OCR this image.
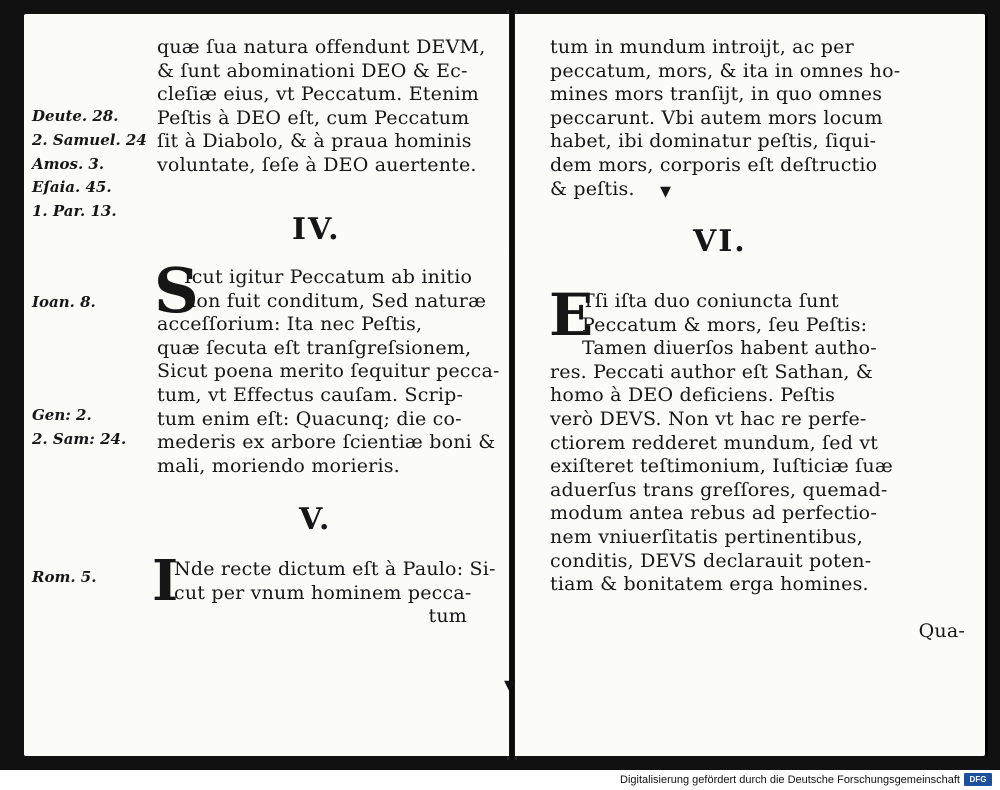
quæ ſua natura offendunt DEVM,

& ſunt abominationi DEO & Ec-

cleſiæ eius, vt Peccatum. Etenim

Peſtis à DEO eſt, cum Peccatum

ſit à Diabolo, & à praua hominis

voluntate, ſeſe à DEO auertente.

Deute. 28.
2. Samuel. 24
Amos. 3.
Eſaia. 45.
1. Par. 13.
IV.
S

Icut igitur Peccatum ab initio

non fuit conditum, Sed naturæ

acceſſorium: Ita nec Peſtis,

quæ ſecuta eſt tranſgreſsionem,

Sicut poena merito ſequitur pecca-

tum, vt Effectus cauſam. Scrip-

tum enim eſt: Quacunq; die co-

mederis ex arbore ſcientiæ boni &

mali, moriendo morieris.

Ioan. 8.
Gen: 2.
2. Sam: 24.
V.
I

Nde recte dictum eſt à Paulo: Si-

cut per vnum hominem pecca-

tum

Rom. 5.

tum in mundum introijt, ac per

peccatum, mors, & ita in omnes ho-

mines mors tranſijt, in quo omnes

peccarunt. Vbi autem mors locum

habet, ibi dominatur peſtis, ſiqui-

dem mors, corporis eſt deſtructio

& peſtis.	▾
VI.
E

Tſi iſta duo coniuncta ſunt

Peccatum & mors, ſeu Peſtis:

Tamen diuerſos habent autho-

res. Peccati author eſt Sathan, &

homo à DEO deficiens. Peſtis

verò DEVS. Non vt hac re perfe-

ctiorem redderet mundum, ſed vt

exiſteret teſtimonium, Iuſticiæ ſuæ

aduerſus trans greſſores, quemad-

modum antea rebus ad perfectio-

nem vniuerſitatis pertinentibus,

conditis, DEVS declarauit poten-

tiam & bonitatem erga homines.

Qua-

▾
Digitalisierung gefördert durch die Deutsche Forschungsgemeinschaft	DFG
